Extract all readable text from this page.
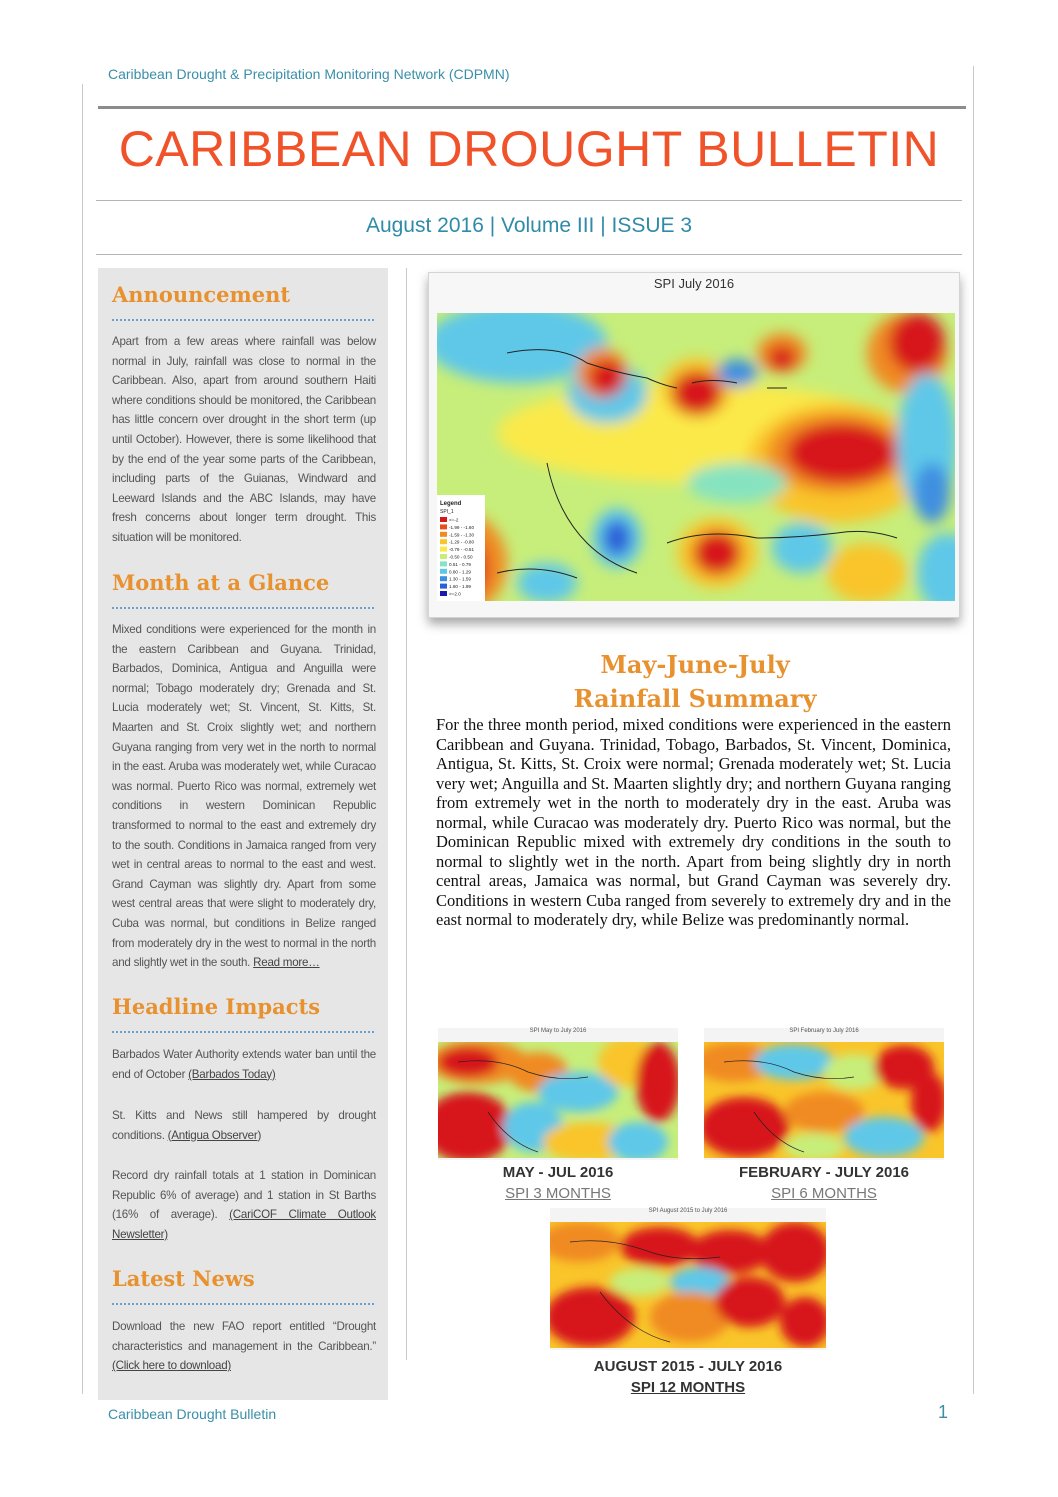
Caribbean Drought & Precipitation Monitoring Network (CDPMN)
CARIBBEAN DROUGHT BULLETIN
August 2016 | Volume III | ISSUE 3
Announcement
Apart from a few areas where rainfall was below normal in July, rainfall was close to normal in the Caribbean. Also, apart from around southern Haiti where conditions should be monitored, the Caribbean has little concern over drought in the short term (up until October). However, there is some likelihood that by the end of the year some parts of the Caribbean, including parts of the Guianas, Windward and Leeward Islands and the ABC Islands, may have fresh concerns about longer term drought. This situation will be monitored.
Month at a Glance
Mixed conditions were experienced for the month in the eastern Caribbean and Guyana. Trinidad, Barbados, Dominica, Antigua and Anguilla were normal; Tobago moderately dry; Grenada and St. Lucia moderately wet; St. Vincent, St. Kitts, St. Maarten and St. Croix slightly wet; and northern Guyana ranging from very wet in the north to normal in the east. Aruba was moderately wet, while Curacao was normal. Puerto Rico was normal, extremely wet conditions in western Dominican Republic transformed to normal to the east and extremely dry to the south. Conditions in Jamaica ranged from very wet in central areas to normal to the east and west. Grand Cayman was slightly dry. Apart from some west central areas that were slight to moderately dry, Cuba was normal, but conditions in Belize ranged from moderately dry in the west to normal in the north and slightly wet in the south. Read more…
Headline Impacts
Barbados Water Authority extends water ban until the end of October (Barbados Today)
St. Kitts and News still hampered by drought conditions. (Antigua Observer)
Record dry rainfall totals at 1 station in Dominican Republic 6% of average) and 1 station in St Barths (16% of average). (CariCOF Climate Outlook Newsletter)
Latest News
Download the new FAO report entitled “Drought characteristics and management in the Caribbean.” (Click here to download)
SPI July 2016
Legend
SPI_1
<=-2
-1.99 - -1.60
-1.59 - -1.30
-1.29 - -0.80
-0.79 - -0.51
-0.50 - 0.50
0.51 - 0.79
0.80 - 1.29
1.30 - 1.59
1.60 - 1.99
>=2.0
May-June-July
Rainfall Summary
For the three month period, mixed conditions were experienced in the eastern Caribbean and Guyana. Trinidad, Tobago, Barbados, St. Vincent, Dominica, Antigua, St. Kitts, St. Croix were normal; Grenada moderately wet; St. Lucia very wet; Anguilla and St. Maarten slightly dry; and northern Guyana ranging from extremely wet in the north to moderately dry in the east. Aruba was normal, while Curacao was moderately dry. Puerto Rico was normal, but the Dominican Republic mixed with extremely dry conditions in the south to normal to slightly wet in the north. Apart from being slightly dry in north central areas, Jamaica was normal, but Grand Cayman was severely dry. Conditions in western Cuba ranged from severely to extremely dry and in the east normal to moderately dry, while Belize was predominantly normal.
SPI May to July 2016
MAY - JUL 2016
SPI 3 MONTHS
SPI February to July 2016
FEBRUARY - JULY 2016
SPI 6 MONTHS
SPI August 2015 to July 2016
AUGUST 2015 - JULY 2016
SPI 12 MONTHS
Caribbean Drought Bulletin	1
